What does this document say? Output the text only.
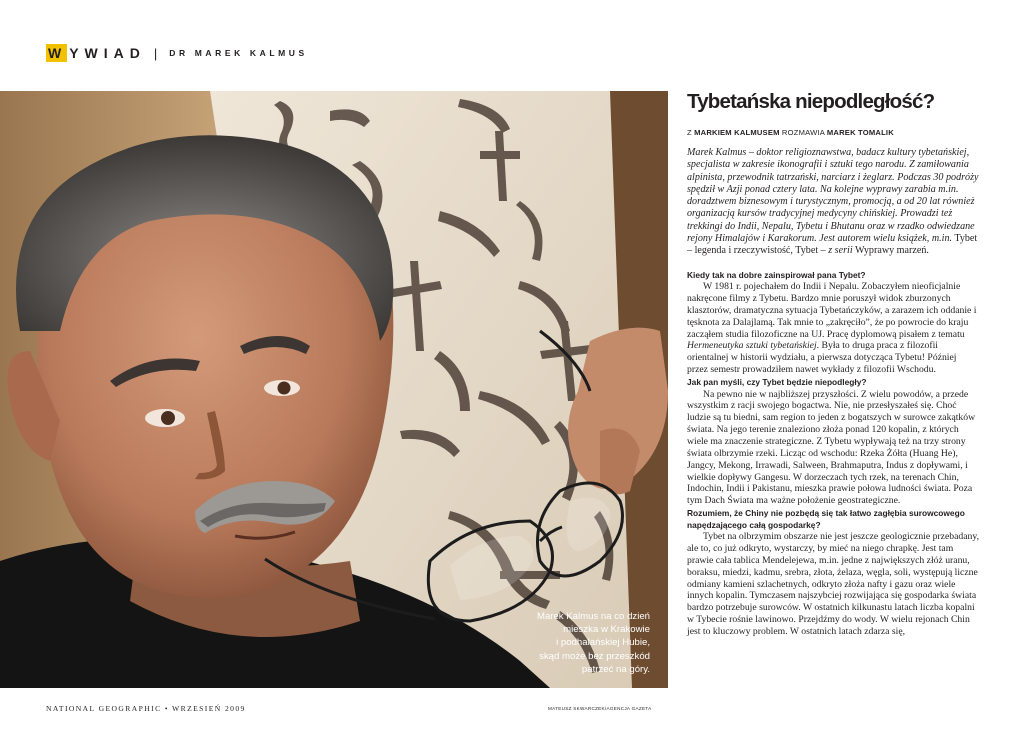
W YWIAD | DR MAREK KALMUS
Marek Kalmus na co dzień
mieszka w Krakowie
i podhalańskiej Hubie,
skąd może bez przeszkód
patrzeć na góry.
Tybetańska niepodległość?
Z MARKIEM KALMUSEM ROZMAWIA MAREK TOMALIK

Marek Kalmus – doktor religioznawstwa, badacz kultury tybetańskiej, specjalista w zakresie ikonografii i sztuki tego narodu. Z zamiłowania alpinista, przewodnik tatrzański, narciarz i żeglarz. Podczas 30 podróży spędził w Azji ponad cztery lata. Na kolejne wyprawy zarabia m.in. doradztwem biznesowym i turystycznym, promocją, a od 20 lat również organizacją kursów tradycyjnej medycyny chińskiej. Prowadzi też trekkingi do Indii, Nepalu, Tybetu i Bhutanu oraz w rzadko odwiedzane rejony Himalajów i Karakorum. Jest autorem wielu książek, m.in. Tybet – legenda i rzeczywistość, Tybet – z serii Wyprawy marzeń.

Kiedy tak na dobre zainspirował pana Tybet?

W 1981 r. pojechałem do Indii i Nepalu. Zobaczyłem nieoficjalnie nakręcone filmy z Tybetu. Bardzo mnie poruszył widok zburzonych klasztorów, dramatyczna sytuacja Tybetańczyków, a zarazem ich oddanie i tęsknota za Dalajlamą. Tak mnie to „zakręciło”, że po powrocie do kraju zacząłem studia filozoficzne na UJ. Pracę dyplomową pisałem z tematu Hermeneutyka sztuki tybetańskiej. Była to druga praca z filozofii orientalnej w historii wydziału, a pierwsza dotycząca Tybetu! Później przez semestr prowadziłem nawet wykłady z filozofii Wschodu.

Jak pan myśli, czy Tybet będzie niepodległy?

Na pewno nie w najbliższej przyszłości. Z wielu powodów, a przede wszystkim z racji swojego bogactwa. Nie, nie przesłyszałeś się. Choć ludzie są tu biedni, sam region to jeden z bogatszych w surowce zakątków świata. Na jego terenie znaleziono złoża ponad 120 kopalin, z których wiele ma znaczenie strategiczne. Z Tybetu wypływają też na trzy strony świata olbrzymie rzeki. Licząc od wschodu: Rzeka Żółta (Huang He), Jangcy, Mekong, Irrawadi, Salween, Brahmaputra, Indus z dopływami, i wielkie dopływy Gangesu. W dorzeczach tych rzek, na terenach Chin, Indochin, Indii i Pakistanu, mieszka prawie połowa ludności świata. Poza tym Dach Świata ma ważne położenie geostrategiczne.

Rozumiem, że Chiny nie pozbędą się tak łatwo zagłębia surowcowego napędzającego całą gospodarkę?

Tybet na olbrzymim obszarze nie jest jeszcze geologicznie przebadany, ale to, co już odkryto, wystarczy, by mieć na niego chrapkę. Jest tam prawie cała tablica Mendelejewa, m.in. jedne z największych złóż uranu, boraksu, miedzi, kadmu, srebra, złota, żelaza, węgla, soli, występują liczne odmiany kamieni szlachetnych, odkryto złoża nafty i gazu oraz wiele innych kopalin. Tymczasem najszybciej rozwijająca się gospodarka świata bardzo potrzebuje surowców. W ostatnich kilkunastu latach liczba kopalni w Tybecie rośnie lawinowo. Przejdźmy do wody. W wielu rejonach Chin jest to kluczowy problem. W ostatnich latach zdarza się,

NATIONAL GEOGRAPHIC • WRZESIEŃ 2009	MATEUSZ SKWARCZEK/AGENCJA GAZETA
